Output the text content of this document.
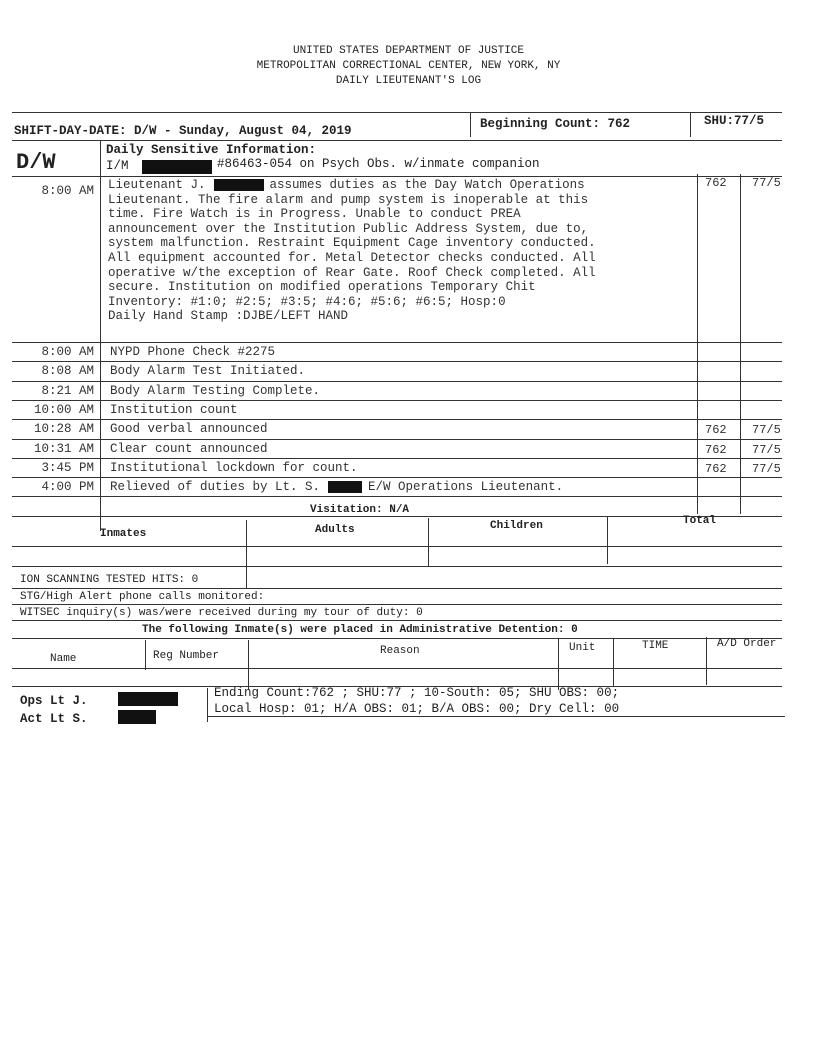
UNITED STATES DEPARTMENT OF JUSTICE
METROPOLITAN CORRECTIONAL CENTER, NEW YORK, NY
DAILY LIEUTENANT'S LOG
SHIFT-DAY-DATE: D/W - Sunday, August 04, 2019	Beginning Count: 762	SHU:77/5
D/W	Daily Sensitive Information:
I/M	#86463-054 on Psych Obs. w/inmate companion
8:00 AM Lieutenant J.	assumes duties as the Day Watch Operations
Lieutenant. The fire alarm and pump system is inoperable at this
time. Fire Watch is in Progress. Unable to conduct PREA
announcement over the Institution Public Address System, due to,
system malfunction. Restraint Equipment Cage inventory conducted.
All equipment accounted for. Metal Detector checks conducted. All
operative w/the exception of Rear Gate. Roof Check completed. All
secure. Institution on modified operations Temporary Chit
Inventory: #1:0; #2:5; #3:5; #4:6; #5:6; #6:5; Hosp:0
Daily Hand Stamp :DJBE/LEFT HAND
762 77/5
8:00 AM NYPD Phone Check #2275
8:08 AM Body Alarm Test Initiated.
8:21 AM Body Alarm Testing Complete.
10:00 AM Institution count
10:28 AM Good verbal announced	762 77/5
10:31 AM Clear count announced	762 77/5
3:45 PM Institutional lockdown for count.	762 77/5
4:00 PM Relieved of duties by Lt. S.	E/W Operations Lieutenant.
Visitation: N/A
Inmates	Adults	Children	Total
ION SCANNING TESTED HITS: 0
STG/High Alert phone calls monitored:
WITSEC inquiry(s) was/were received during my tour of duty: 0
The following Inmate(s) were placed in Administrative Detention: 0
Name	Reg Number	Reason	Unit	TIME	A/D Order
Ops Lt J.
Act Lt S.
Ending Count:762 ; SHU:77 ; 10-South: 05; SHU OBS: 00;
Local Hosp: 01; H/A OBS: 01; B/A OBS: 00; Dry Cell: 00
